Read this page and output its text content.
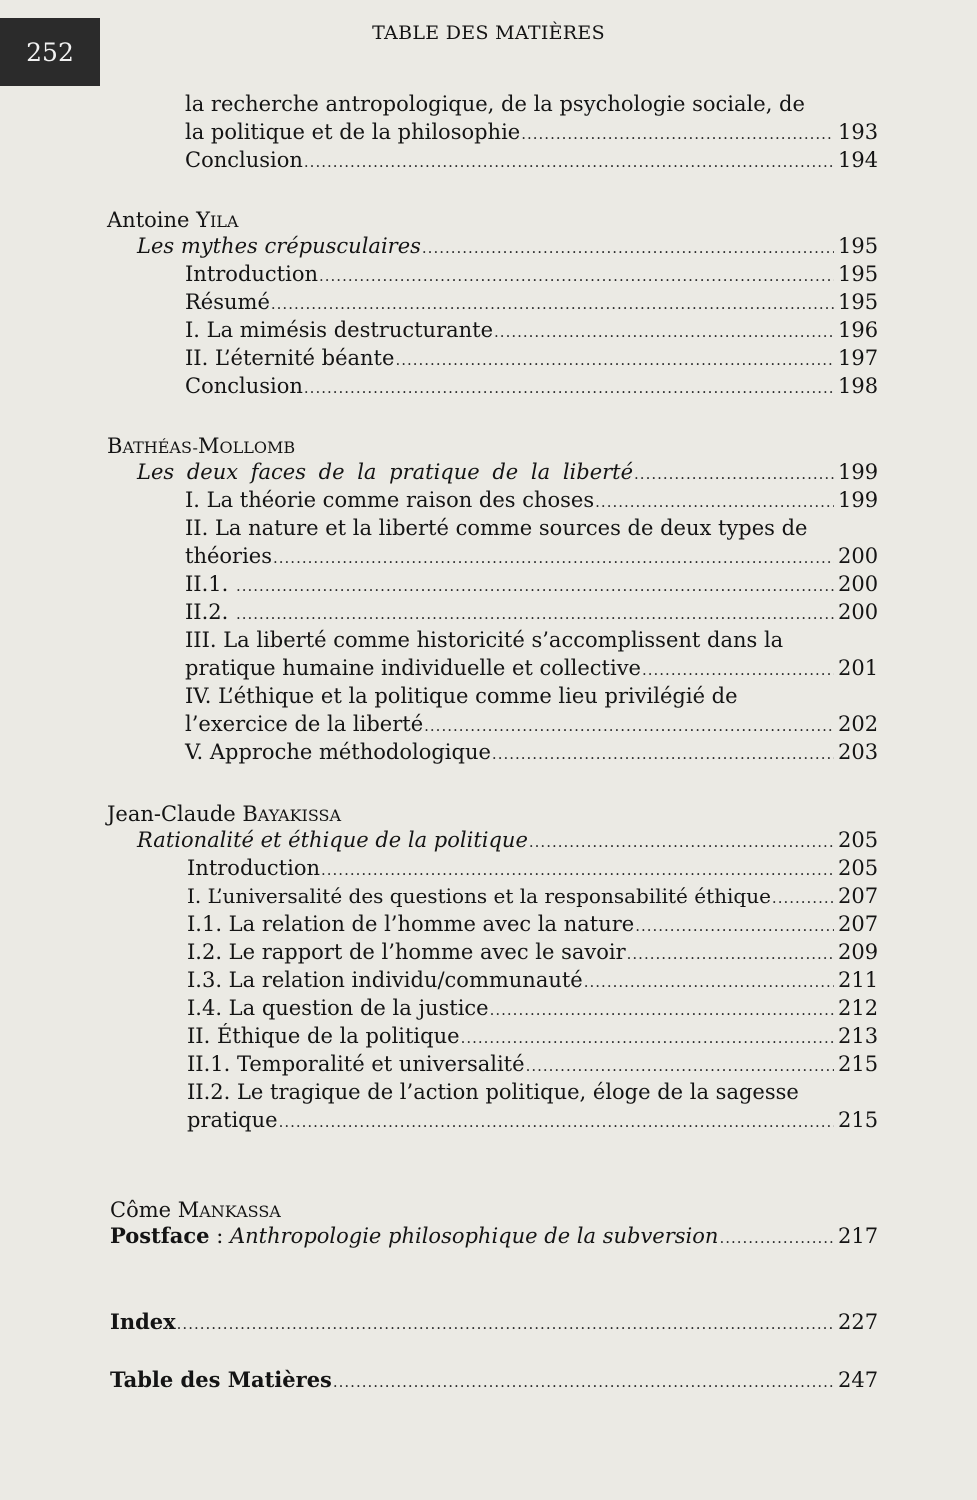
252
TABLE DES MATIÈRES
la recherche antropologique, de la psychologie sociale, de
la politique et de la philosophie .....	193
Conclusion .....	194
Antoine YILA
Les mythes crépusculaires .....	195
Introduction .....	195
Résumé .....	195
I. La mimésis destructurante .....	196
II. L’éternité béante .....	197
Conclusion .....	198
BATHÉAS-MOLLOMB
Les deux faces de la pratique de la liberté .....	199
I. La théorie comme raison des choses .....	199
II. La nature et la liberté comme sources de deux types de
théories .....	200
II.1. .....	200
II.2. .....	200
III. La liberté comme historicité s’accomplissent dans la
pratique humaine individuelle et collective .....	201
IV. L’éthique et la politique comme lieu privilégié de
l’exercice de la liberté .....	202
V. Approche méthodologique .....	203
Jean-Claude BAYAKISSA
Rationalité et éthique de la politique .....	205
Introduction .....	205
I. L’universalité des questions et la responsabilité éthique .....	207
I.1. La relation de l’homme avec la nature .....	207
I.2. Le rapport de l’homme avec le savoir .....	209
I.3. La relation individu/communauté .....	211
I.4. La question de la justice .....	212
II. Éthique de la politique .....	213
II.1. Temporalité et universalité .....	215
II.2. Le tragique de l’action politique, éloge de la sagesse
pratique .....	215
Côme MANKASSA
Postface : Anthropologie philosophique de la subversion .....	217
Index .....	227
Table des Matières .....	247
